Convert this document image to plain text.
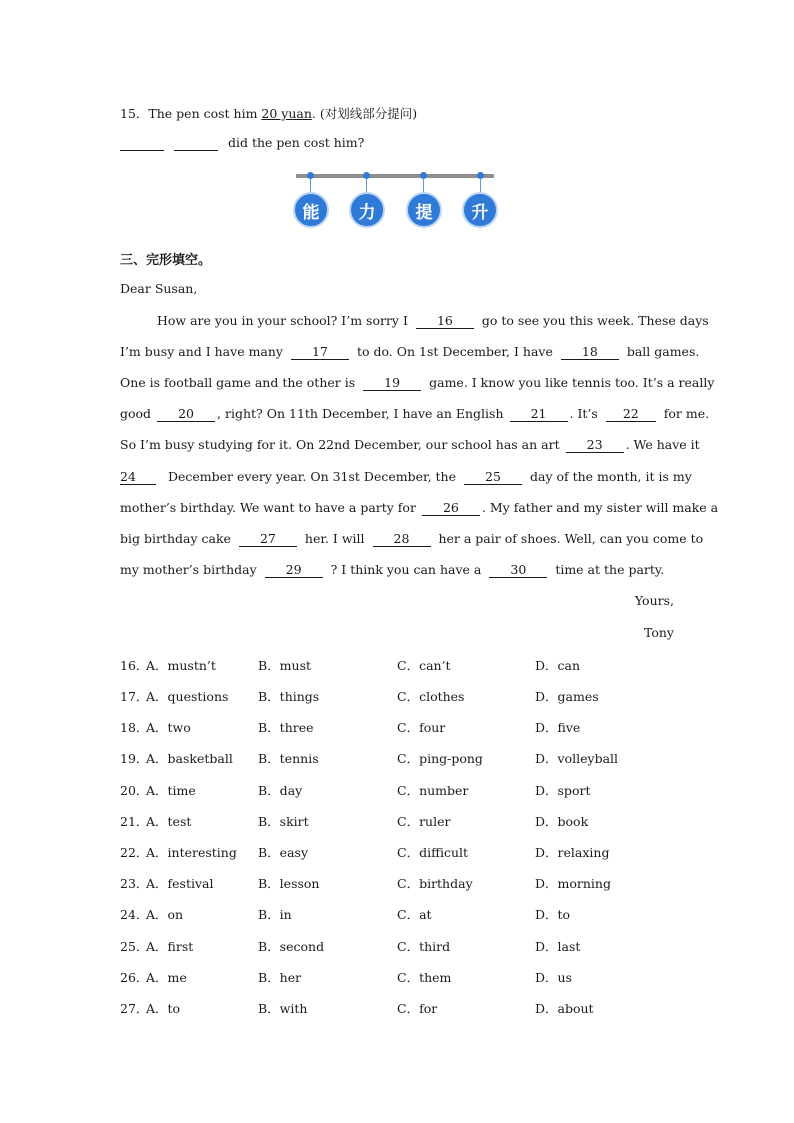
15．The pen cost him 20 yuan. (对划线部分提问)
did the pen cost him?
能	力	提	升
三、完形填空。
Dear Susan,
How are you in your school? I’m sorry I 16 go to see you this week. These days
I’m busy and I have many 17 to do. On 1st December, I have 18 ball games.
One is football game and the other is 19 game. I know you like tennis too. It’s a really
good 20 , right? On 11th December, I have an English 21 . It’s 22 for me.
So I’m busy studying for it. On 22nd December, our school has an art 23 . We have it
24	December every year. On 31st December, the 25 day of the month, it is my
mother’s birthday. We want to have a party for 26 . My father and my sister will make a
big birthday cake 27 her. I will 28 her a pair of shoes. Well, can you come to
my mother’s birthday 29 ? I think you can have a 30 time at the party.
Yours,
Tony
16．
A．mustn’t	B．must	C．can’t	D．can
17．
A．questions B．things	C．clothes	D．games
18．
A．two	B．three	C．four	D．five
19．
A．basketball B．tennis	C．ping-pong	D．volleyball
20．
A．time	B．day	C．number	D．sport
21．
A．test	B．skirt	C．ruler	D．book
22．
A．interesting B．easy	C．difficult	D．relaxing
23．
A．festival	B．lesson	C．birthday	D．morning
24．
A．on	B．in	C．at	D．to
25．
A．first	B．second	C．third	D．last
26．
A．me	B．her	C．them	D．us
27．
A．to	B．with	C．for	D．about
